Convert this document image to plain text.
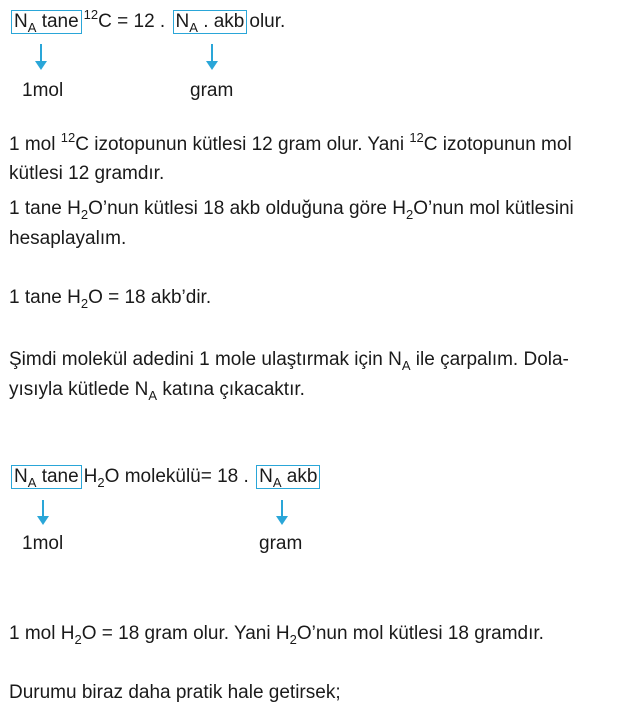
$N_A$ tane $^{12}$C = 12 . $N_A$ . akb olur.
1mol	gram
1 mol $^{12}$C izotopunun kütlesi 12 gram olur. Yani $^{12}$C izotopunun mol
kütlesi 12 gramdır.
1 tane $H_2O’nun$ kütlesi 18 akb olduğuna göre $H_2O’nun$ mol kütlesini
hesaplayalım.
1 tane $H_2O = 18$ akb’dir.
Şimdi molekül adedini 1 mole ulaştırmak için $N_A$ ile çarpalım. Dola-
yısıyla kütlede $N_A$ katına çıkacaktır.
$N_A$ tane $H_2O$ molekülü= 18 . $N_A$ akb
1mol	gram
1 mol $H_2O = 18$ gram olur. Yani $H_2O’nun$ mol kütlesi 18 gramdır.
Durumu biraz daha pratik hale getirsek;
